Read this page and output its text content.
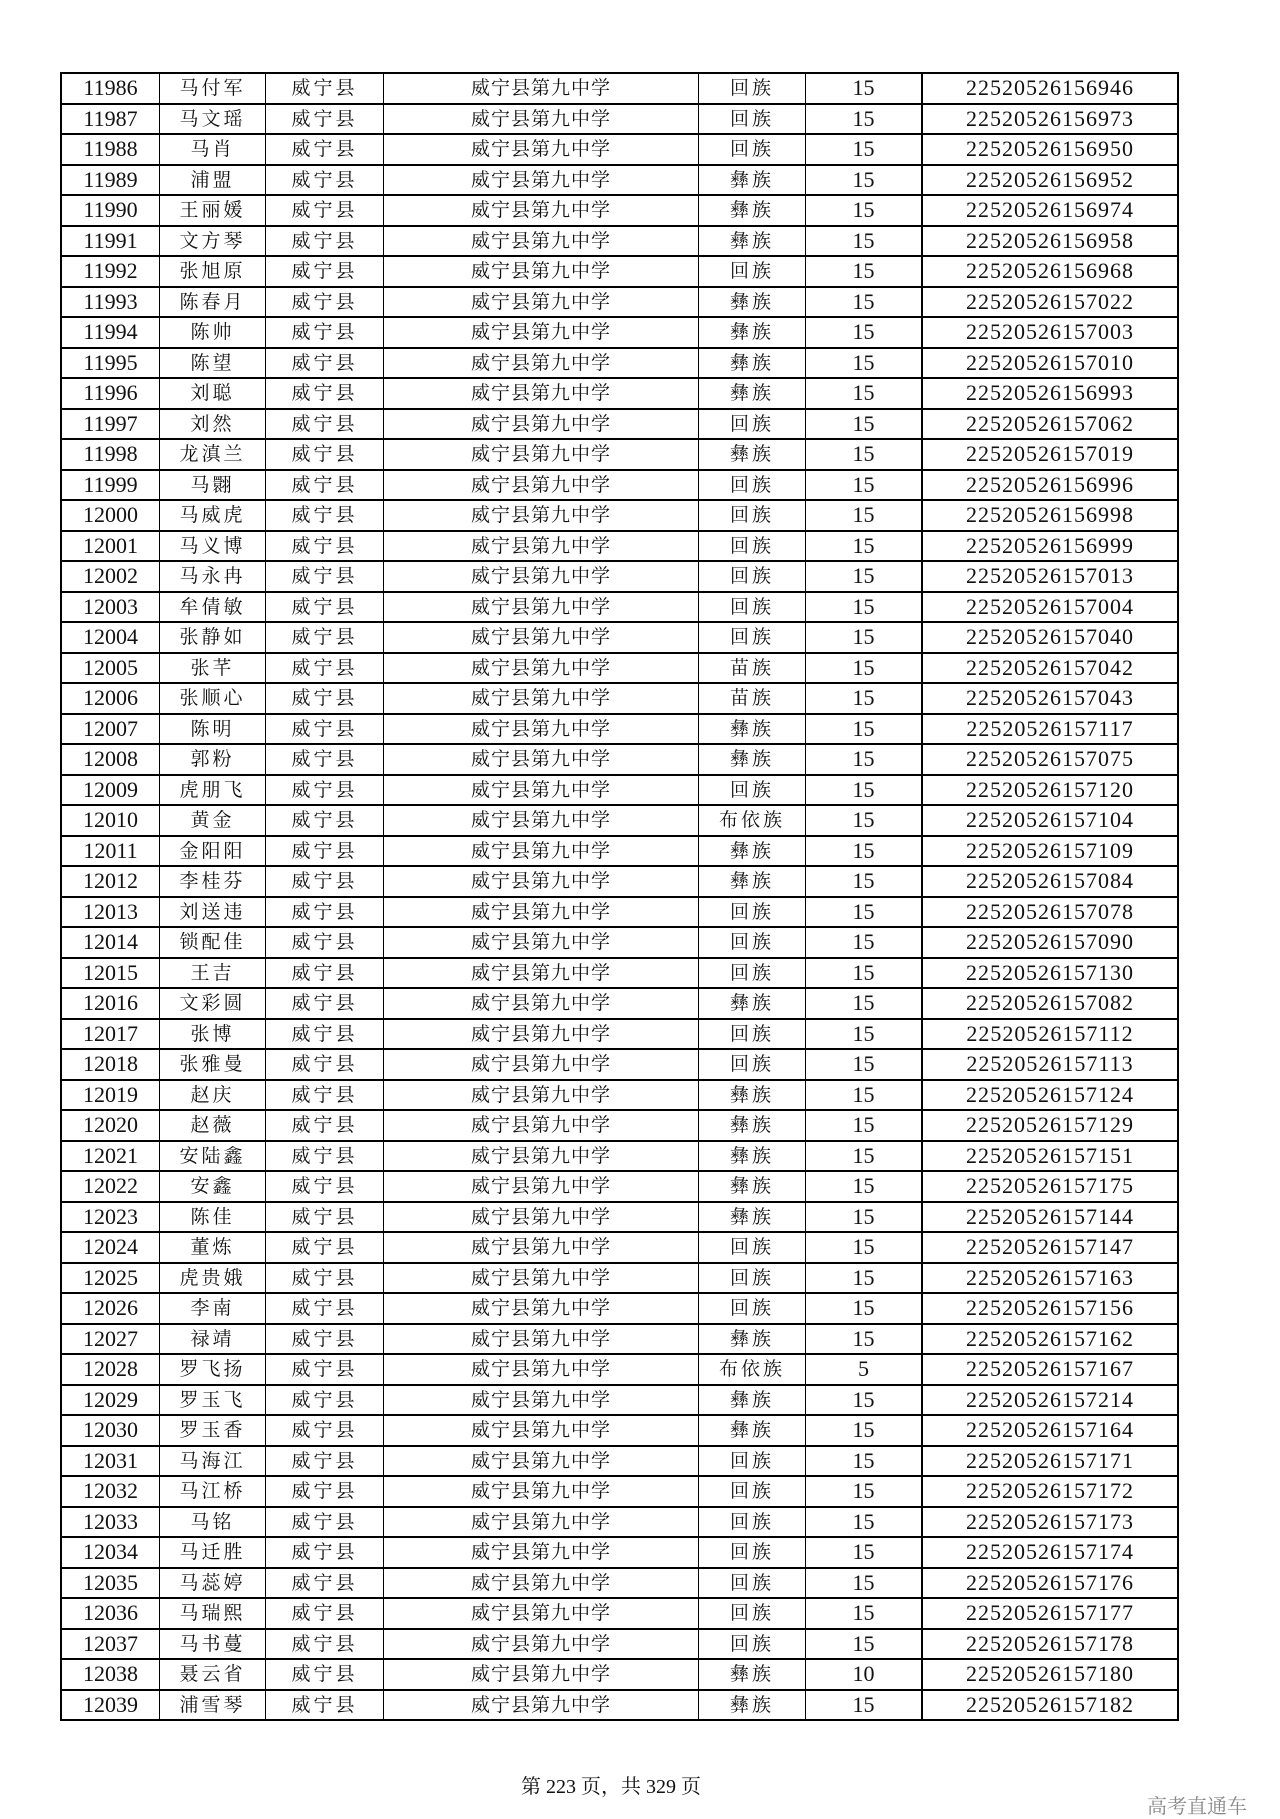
11986	马付军	威宁县	威宁县第九中学	回族	15	22520526156946
11987	马文瑶	威宁县	威宁县第九中学	回族	15	22520526156973
11988	马肖	威宁县	威宁县第九中学	回族	15	22520526156950
11989	浦盟	威宁县	威宁县第九中学	彝族	15	22520526156952
11990	王丽媛	威宁县	威宁县第九中学	彝族	15	22520526156974
11991	文方琴	威宁县	威宁县第九中学	彝族	15	22520526156958
11992	张旭原	威宁县	威宁县第九中学	回族	15	22520526156968
11993	陈春月	威宁县	威宁县第九中学	彝族	15	22520526157022
11994	陈帅	威宁县	威宁县第九中学	彝族	15	22520526157003
11995	陈望	威宁县	威宁县第九中学	彝族	15	22520526157010
11996	刘聪	威宁县	威宁县第九中学	彝族	15	22520526156993
11997	刘然	威宁县	威宁县第九中学	回族	15	22520526157062
11998	龙滇兰	威宁县	威宁县第九中学	彝族	15	22520526157019
11999	马翾	威宁县	威宁县第九中学	回族	15	22520526156996
12000	马威虎	威宁县	威宁县第九中学	回族	15	22520526156998
12001	马义博	威宁县	威宁县第九中学	回族	15	22520526156999
12002	马永冉	威宁县	威宁县第九中学	回族	15	22520526157013
12003	牟倩敏	威宁县	威宁县第九中学	回族	15	22520526157004
12004	张静如	威宁县	威宁县第九中学	回族	15	22520526157040
12005	张芊	威宁县	威宁县第九中学	苗族	15	22520526157042
12006	张顺心	威宁县	威宁县第九中学	苗族	15	22520526157043
12007	陈明	威宁县	威宁县第九中学	彝族	15	22520526157117
12008	郭粉	威宁县	威宁县第九中学	彝族	15	22520526157075
12009	虎朋飞	威宁县	威宁县第九中学	回族	15	22520526157120
12010	黄金	威宁县	威宁县第九中学	布依族	15	22520526157104
12011	金阳阳	威宁县	威宁县第九中学	彝族	15	22520526157109
12012	李桂芬	威宁县	威宁县第九中学	彝族	15	22520526157084
12013	刘送违	威宁县	威宁县第九中学	回族	15	22520526157078
12014	锁配佳	威宁县	威宁县第九中学	回族	15	22520526157090
12015	王吉	威宁县	威宁县第九中学	回族	15	22520526157130
12016	文彩圆	威宁县	威宁县第九中学	彝族	15	22520526157082
12017	张博	威宁县	威宁县第九中学	回族	15	22520526157112
12018	张雅曼	威宁县	威宁县第九中学	回族	15	22520526157113
12019	赵庆	威宁县	威宁县第九中学	彝族	15	22520526157124
12020	赵薇	威宁县	威宁县第九中学	彝族	15	22520526157129
12021	安陆鑫	威宁县	威宁县第九中学	彝族	15	22520526157151
12022	安鑫	威宁县	威宁县第九中学	彝族	15	22520526157175
12023	陈佳	威宁县	威宁县第九中学	彝族	15	22520526157144
12024	董炼	威宁县	威宁县第九中学	回族	15	22520526157147
12025	虎贵娥	威宁县	威宁县第九中学	回族	15	22520526157163
12026	李南	威宁县	威宁县第九中学	回族	15	22520526157156
12027	禄靖	威宁县	威宁县第九中学	彝族	15	22520526157162
12028	罗飞扬	威宁县	威宁县第九中学	布依族	5	22520526157167
12029	罗玉飞	威宁县	威宁县第九中学	彝族	15	22520526157214
12030	罗玉香	威宁县	威宁县第九中学	彝族	15	22520526157164
12031	马海江	威宁县	威宁县第九中学	回族	15	22520526157171
12032	马江桥	威宁县	威宁县第九中学	回族	15	22520526157172
12033	马铭	威宁县	威宁县第九中学	回族	15	22520526157173
12034	马迁胜	威宁县	威宁县第九中学	回族	15	22520526157174
12035	马蕊婷	威宁县	威宁县第九中学	回族	15	22520526157176
12036	马瑞熙	威宁县	威宁县第九中学	回族	15	22520526157177
12037	马书蔓	威宁县	威宁县第九中学	回族	15	22520526157178
12038	聂云省	威宁县	威宁县第九中学	彝族	10	22520526157180
12039	浦雪琴	威宁县	威宁县第九中学	彝族	15	22520526157182
第 223 页，共 329 页
高考直通车
